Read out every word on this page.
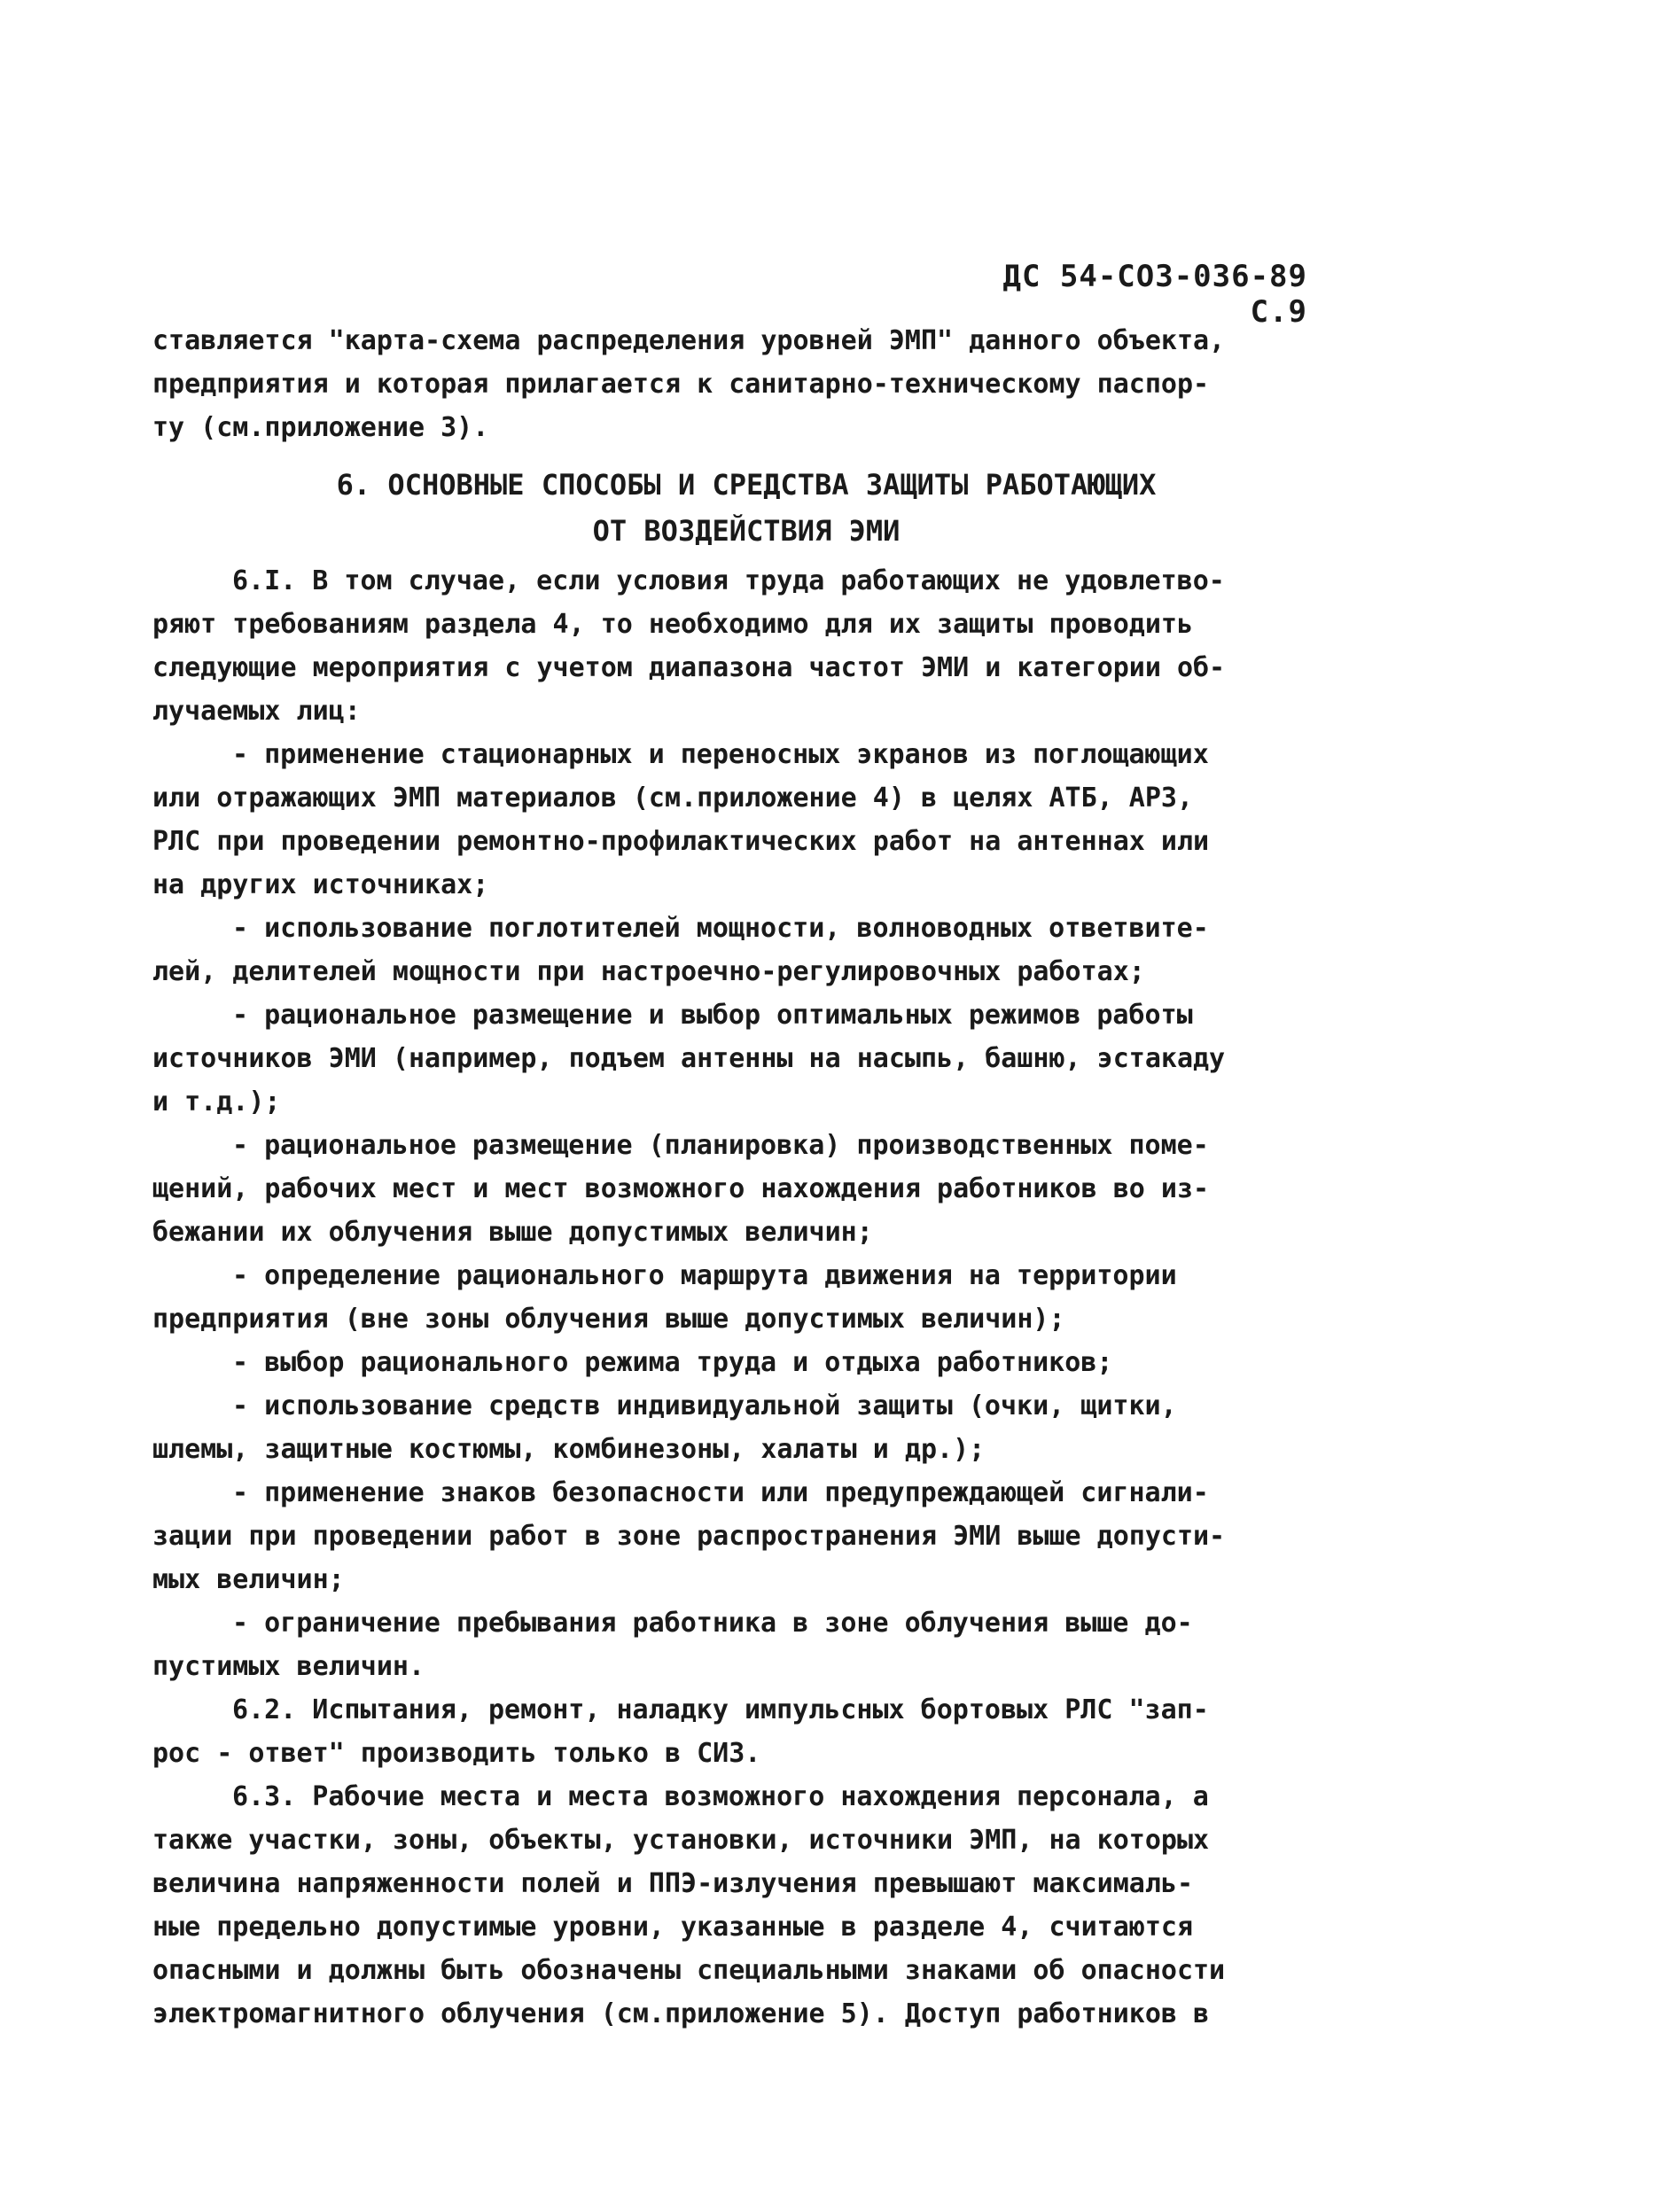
ДС 54-СОЗ-036-89 С.9

ставляется "карта-схема распределения уровней ЭМП" данного объекта,

предприятия и которая прилагается к санитарно-техническому паспор-

ту (см.приложение 3).

6. ОСНОВНЫЕ СПОСОБЫ И СРЕДСТВА ЗАЩИТЫ РАБОТАЮЩИХ

ОТ ВОЗДЕЙСТВИЯ ЭМИ

6.I. В том случае, если условия труда работающих не удовлетво-

ряют требованиям раздела 4, то необходимо для их защиты проводить

следующие мероприятия с учетом диапазона частот ЭМИ и категории об-

лучаемых лиц:

- применение стационарных и переносных экранов из поглощающих

или отражающих ЭМП материалов (см.приложение 4) в целях АТБ, АРЗ,

РЛС при проведении ремонтно-профилактических работ на антеннах или

на других источниках;

- использование поглотителей мощности, волноводных ответвите-

лей, делителей мощности при настроечно-регулировочных работах;

- рациональное размещение и выбор оптимальных режимов работы

источников ЭМИ (например, подъем антенны на насыпь, башню, эстакаду

и т.д.);

- рациональное размещение (планировка) производственных поме-

щений, рабочих мест и мест возможного нахождения работников во из-

бежании их облучения выше допустимых величин;

- определение рационального маршрута движения на территории

предприятия (вне зоны облучения выше допустимых величин);

- выбор рационального режима труда и отдыха работников;

- использование средств индивидуальной защиты (очки, щитки,

шлемы, защитные костюмы, комбинезоны, халаты и др.);

- применение знаков безопасности или предупреждающей сигнали-

зации при проведении работ в зоне распространения ЭМИ выше допусти-

мых величин;

- ограничение пребывания работника в зоне облучения выше до-

пустимых величин.

6.2. Испытания, ремонт, наладку импульсных бортовых РЛС "зап-

рос - ответ" производить только в СИЗ.

6.3. Рабочие места и места возможного нахождения персонала, а

также участки, зоны, объекты, установки, источники ЭМП, на которых

величина напряженности полей и ППЭ-излучения превышают максималь-

ные предельно допустимые уровни, указанные в разделе 4, считаются

опасными и должны быть обозначены специальными знаками об опасности

электромагнитного облучения (см.приложение 5). Доступ работников в
